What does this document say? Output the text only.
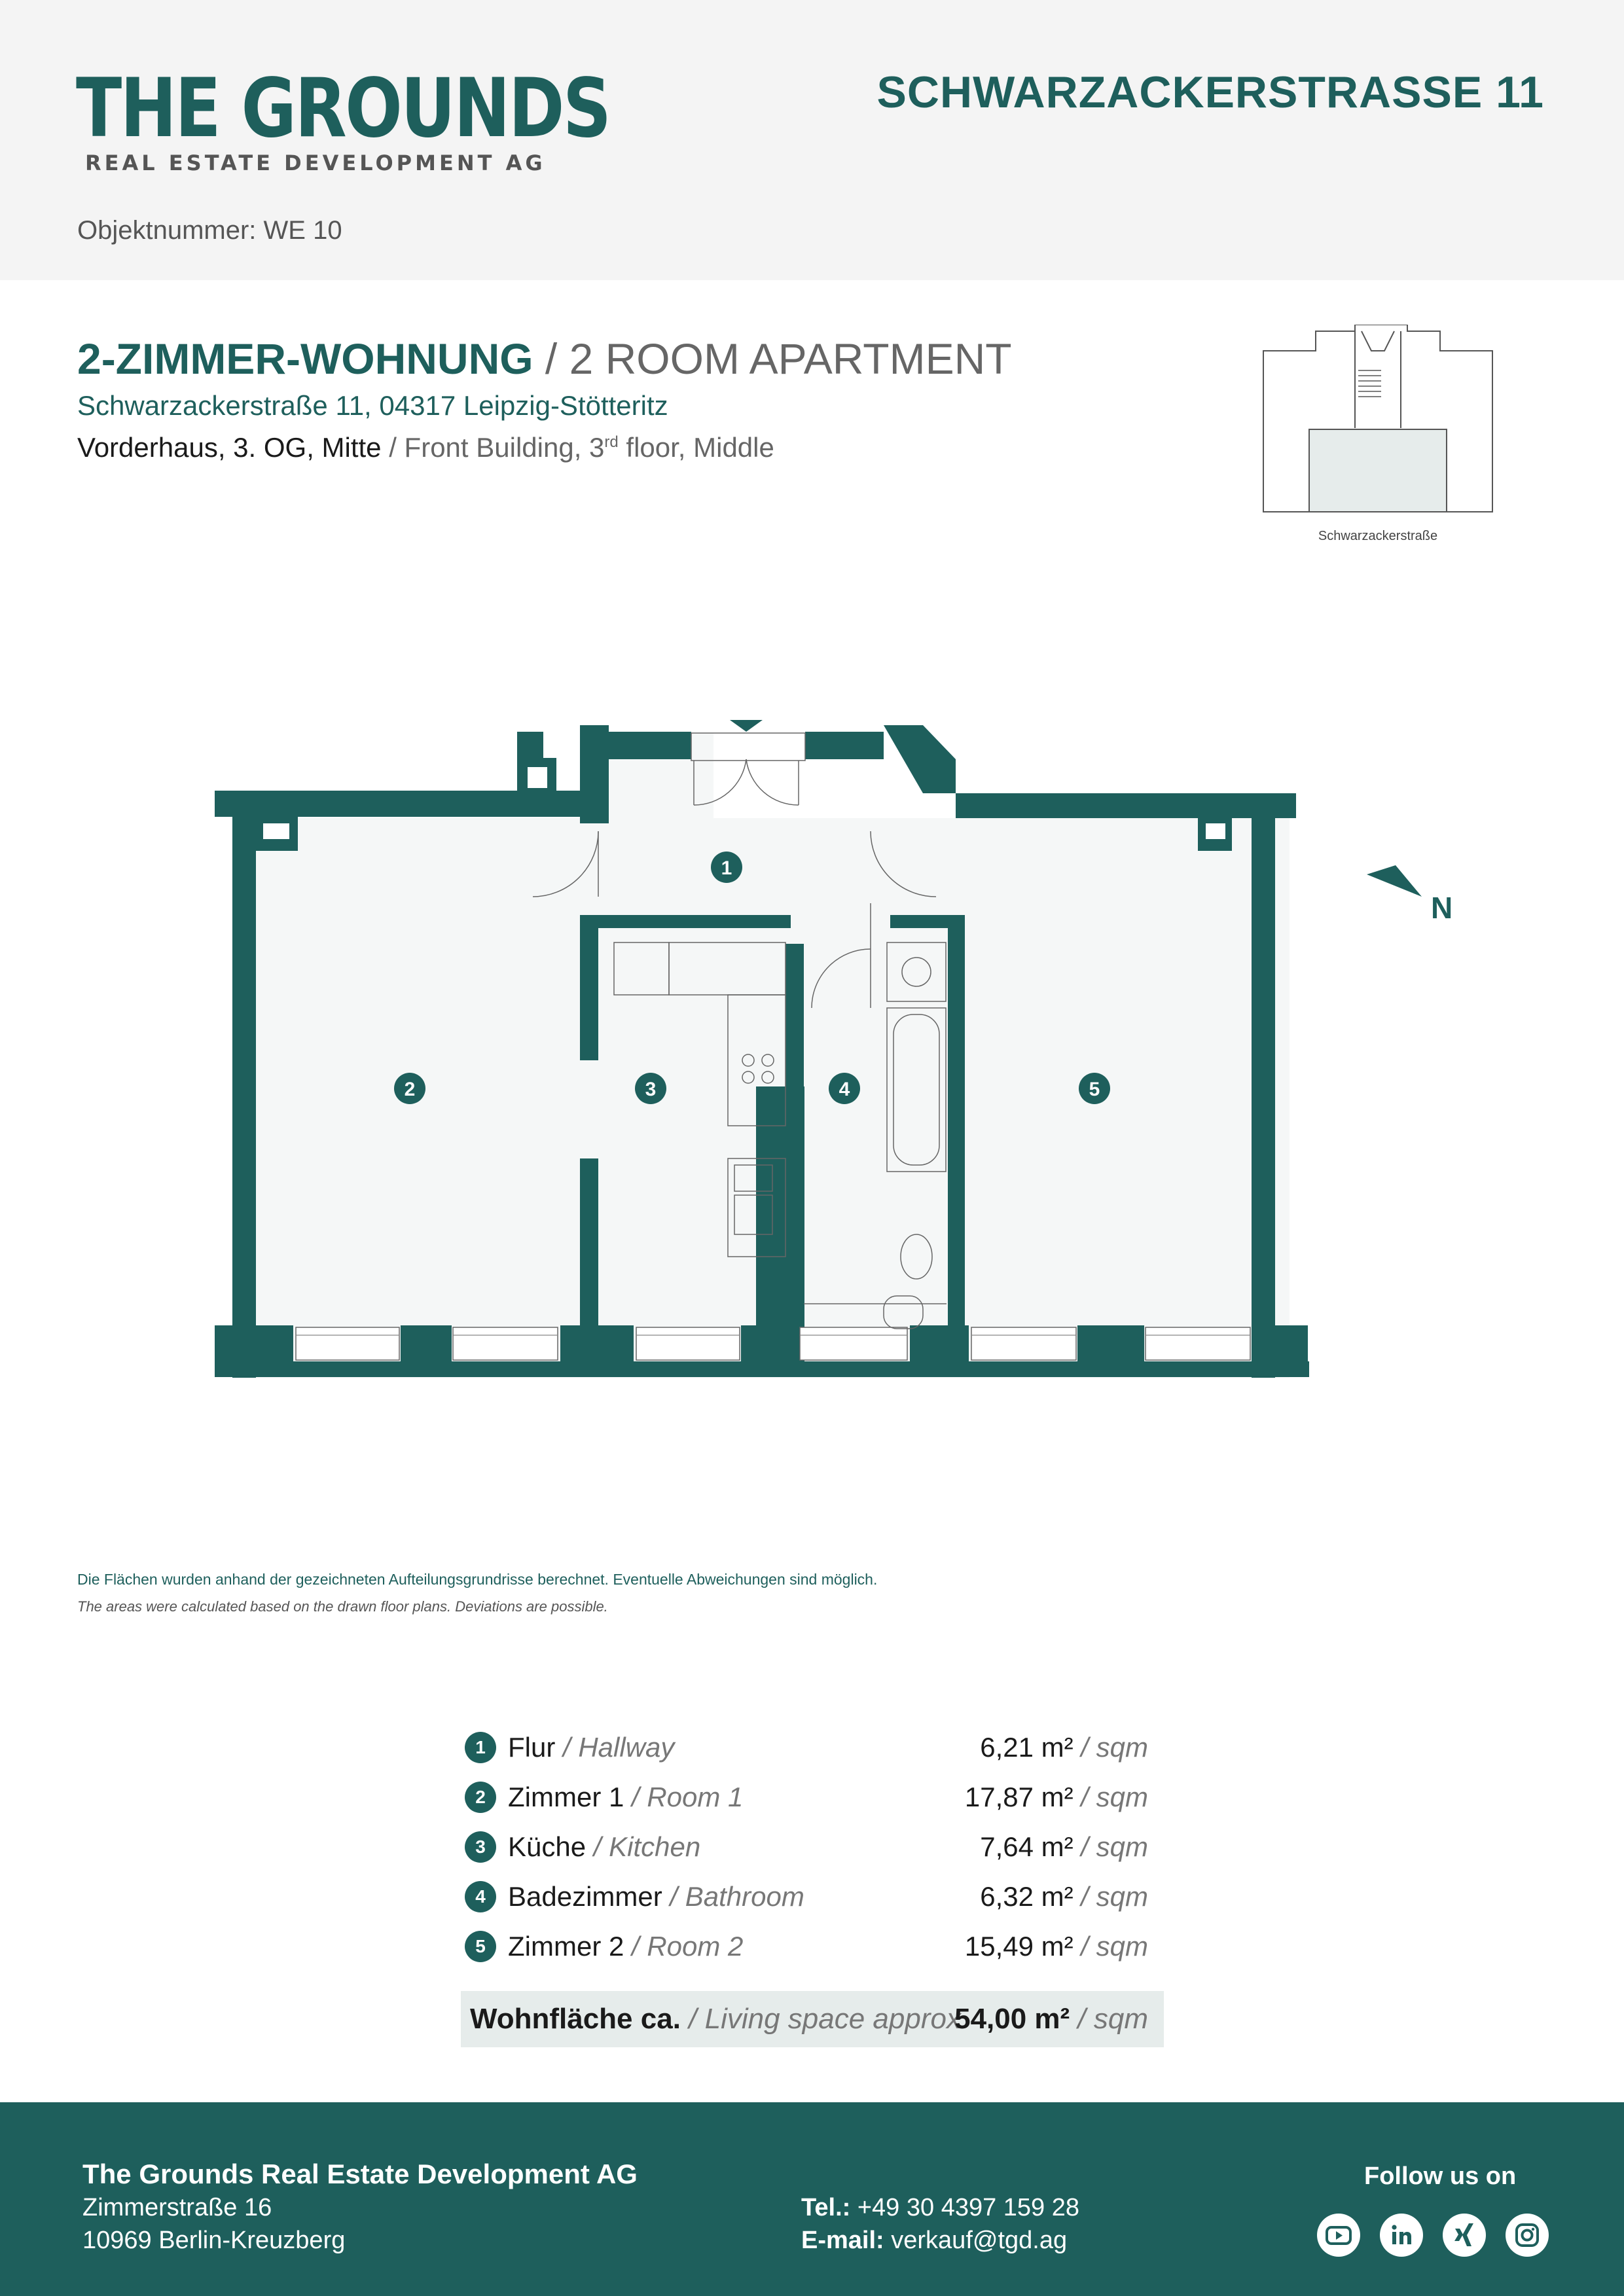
THE GROUNDS
REAL ESTATE DEVELOPMENT AG
SCHWARZACKERSTRASSE 11
Objektnummer: WE 10
2-ZIMMER-WOHNUNG / 2 ROOM APARTMENT
Schwarzackerstraße 11, 04317 Leipzig-Stötteritz
Vorderhaus, 3. OG, Mitte / Front Building, 3rd floor, Middle
Schwarzackerstraße
1
2	3	4	5
N
Die Flächen wurden anhand der gezeichneten Aufteilungsgrundrisse berechnet. Eventuelle Abweichungen sind möglich.
The areas were calculated based on the drawn floor plans. Deviations are possible.
1 Flur / Hallway	6,21 m² / sqm
2 Zimmer 1 / Room 1	17,87 m² / sqm
3 Küche / Kitchen	7,64 m² / sqm
4 Badezimmer / Bathroom	6,32 m² / sqm
5 Zimmer 2 / Room 2	15,49 m² / sqm
Wohnfläche ca. / Living space approx.
54,00 m² / sqm
The Grounds Real Estate Development AG
Zimmerstraße 16
10969 Berlin-Kreuzberg
Tel.: +49 30 4397 159 28
E-mail: verkauf@tgd.ag
Follow us on
